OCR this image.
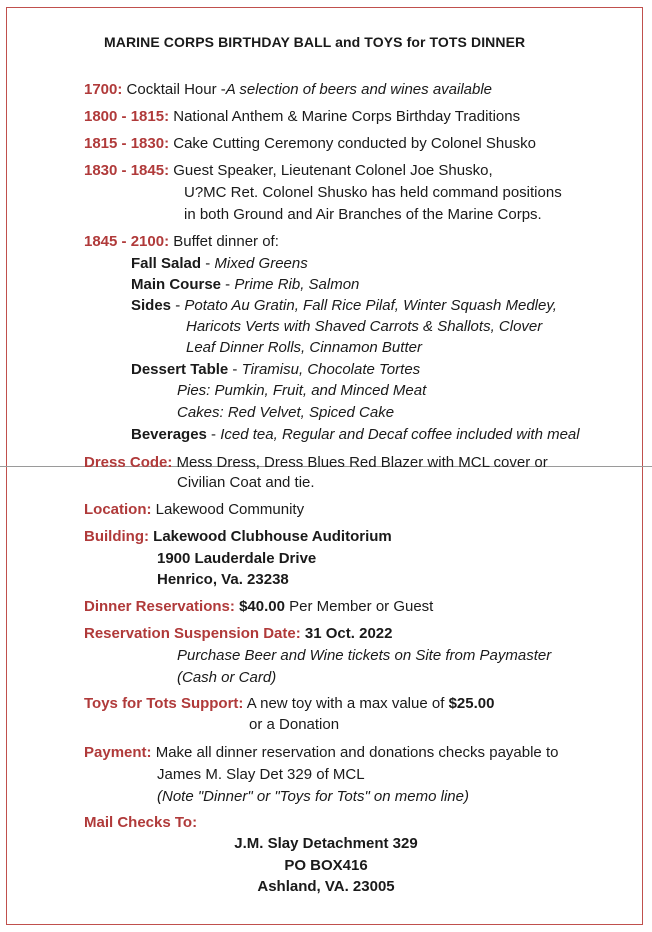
MARINE CORPS BIRTHDAY BALL and TOYS for TOTS DINNER
1700: Cocktail Hour -A selection of beers and wines available
1800 - 1815: National Anthem & Marine Corps Birthday Traditions
1815 - 1830: Cake Cutting Ceremony conducted by Colonel Shusko
1830 - 1845: Guest Speaker, Lieutenant Colonel Joe Shusko,
U?MC Ret. Colonel Shusko has held command positions
in both Ground and Air Branches of the Marine Corps.
1845 - 2100: Buffet dinner of:
Fall Salad - Mixed Greens
Main Course - Prime Rib, Salmon
Sides - Potato Au Gratin, Fall Rice Pilaf, Winter Squash Medley,
Haricots Verts with Shaved Carrots & Shallots, Clover
Leaf Dinner Rolls, Cinnamon Butter
Dessert Table - Tiramisu, Chocolate Tortes
Pies: Pumkin, Fruit, and Minced Meat
Cakes: Red Velvet, Spiced Cake
Beverages - Iced tea, Regular and Decaf coffee included with meal
Dress Code: Mess Dress, Dress Blues Red Blazer with MCL cover or
Civilian Coat and tie.
Location: Lakewood Community
Building: Lakewood Clubhouse Auditorium
1900 Lauderdale Drive
Henrico, Va. 23238
Dinner Reservations: $40.00 Per Member or Guest
Reservation Suspension Date: 31 Oct. 2022
Purchase Beer and Wine tickets on Site from Paymaster
(Cash or Card)
Toys for Tots Support: A new toy with a max value of $25.00
or a Donation
Payment: Make all dinner reservation and donations checks payable to
James M. Slay Det 329 of MCL
(Note "Dinner" or "Toys for Tots" on memo line)
Mail Checks To:
J.M. Slay Detachment 329
PO BOX416
Ashland, VA. 23005
